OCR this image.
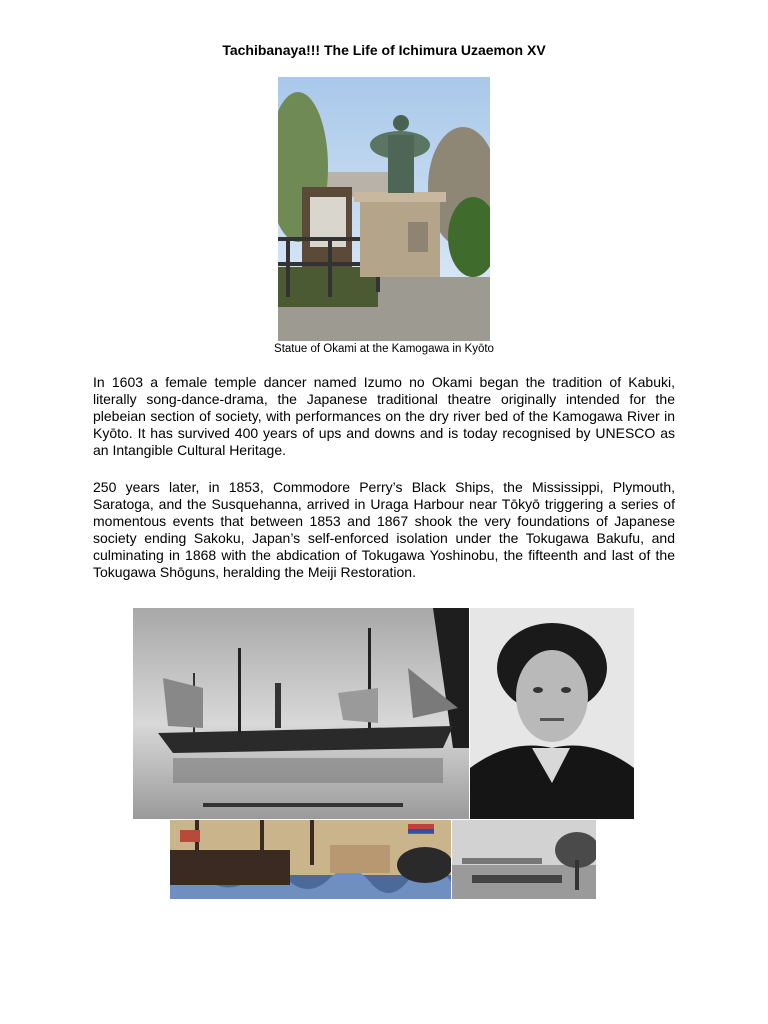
Tachibanaya!!! The Life of Ichimura Uzaemon XV
Statue of Okami at the Kamogawa in Kyōto

In 1603 a female temple dancer named Izumo no Okami began the tradition of Kabuki, literally song-dance-drama, the Japanese traditional theatre originally intended for the plebeian section of society, with performances on the dry river bed of the Kamogawa River in Kyōto. It has survived 400 years of ups and downs and is today recognised by UNESCO as an Intangible Cultural Heritage.

250 years later, in 1853, Commodore Perry’s Black Ships, the Mississippi, Plymouth, Saratoga, and the Susquehanna, arrived in Uraga Harbour near Tōkyō triggering a series of momentous events that between 1853 and 1867 shook the very foundations of Japanese society ending Sakoku, Japan’s self-enforced isolation under the Tokugawa Bakufu, and culminating in 1868 with the abdication of Tokugawa Yoshinobu, the fifteenth and last of the Tokugawa Shōguns, heralding the Meiji Restoration.
